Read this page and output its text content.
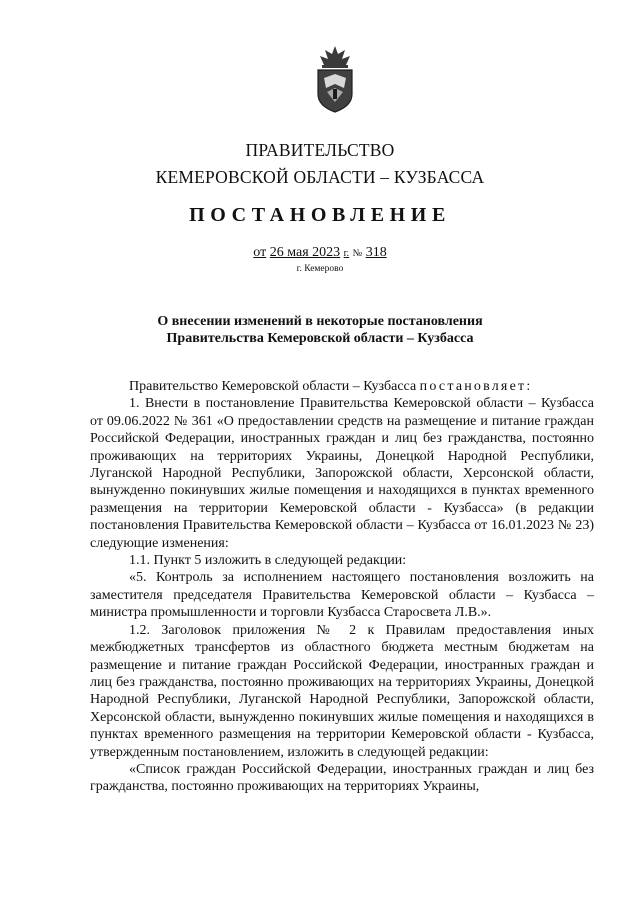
ПРАВИТЕЛЬСТВО
КЕМЕРОВСКОЙ ОБЛАСТИ – КУЗБАССА
ПОСТАНОВЛЕНИЕ
от 26 мая 2023 г. № 318
г. Кемерово
О внесении изменений в некоторые постановления
Правительства Кемеровской области – Кузбасса

Правительство Кемеровской области – Кузбасса постановляет:

1. Внести в постановление Правительства Кемеровской области – Кузбасса от 09.06.2022 № 361 «О предоставлении средств на размещение и питание граждан Российской Федерации, иностранных граждан и лиц без гражданства, постоянно проживающих на территориях Украины, Донецкой Народной Республики, Луганской Народной Республики, Запорожской области, Херсонской области, вынужденно покинувших жилые помещения и находящихся в пунктах временного размещения на территории Кемеровской области - Кузбасса» (в редакции постановления Правительства Кемеровской области – Кузбасса от 16.01.2023 № 23) следующие изменения:

1.1. Пункт 5 изложить в следующей редакции:

«5. Контроль за исполнением настоящего постановления возложить на заместителя председателя Правительства Кемеровской области – Кузбасса – министра промышленности и торговли Кузбасса Старосвета Л.В.».

1.2. Заголовок приложения № 2 к Правилам предоставления иных межбюджетных трансфертов из областного бюджета местным бюджетам на размещение и питание граждан Российской Федерации, иностранных граждан и лиц без гражданства, постоянно проживающих на территориях Украины, Донецкой Народной Республики, Луганской Народной Республики, Запорожской области, Херсонской области, вынужденно покинувших жилые помещения и находящихся в пунктах временного размещения на территории Кемеровской области - Кузбасса, утвержденным постановлением, изложить в следующей редакции:

«Список граждан Российской Федерации, иностранных граждан и лиц без гражданства, постоянно проживающих на территориях Украины,
